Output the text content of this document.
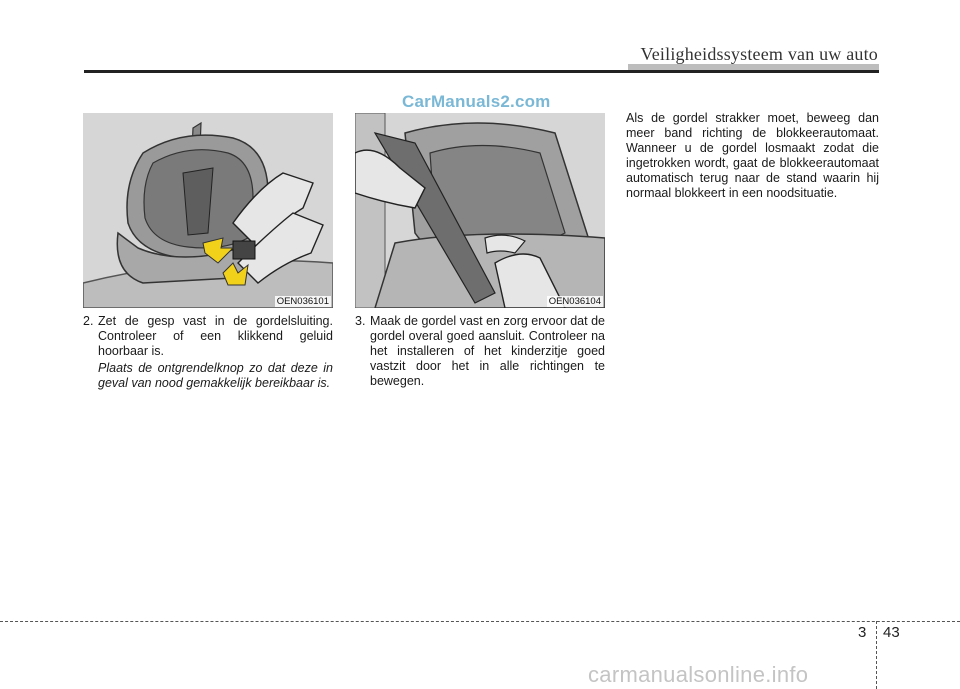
Veiligheidssysteem van uw auto
CarManuals2.com
OEN036101	OEN036104
2. Zet de gesp vast in de gordelsluiting. Controleer of een klikkend geluid hoorbaar is.
Plaats de ontgrendelknop zo dat deze in geval van nood gemakkelijk bereikbaar is.
3. Maak de gordel vast en zorg ervoor dat de gordel overal goed aansluit. Controleer na het installeren of het kinderzitje goed vastzit door het in alle richtingen te bewegen.
Als de gordel strakker moet, beweeg dan meer band richting de blokkeerautomaat. Wanneer u de gordel losmaakt zodat die ingetrokken wordt, gaat de blokkeerautomaat automatisch terug naar de stand waarin hij normaal blokkeert in een noodsituatie.
3 43
carmanualsonline.info
